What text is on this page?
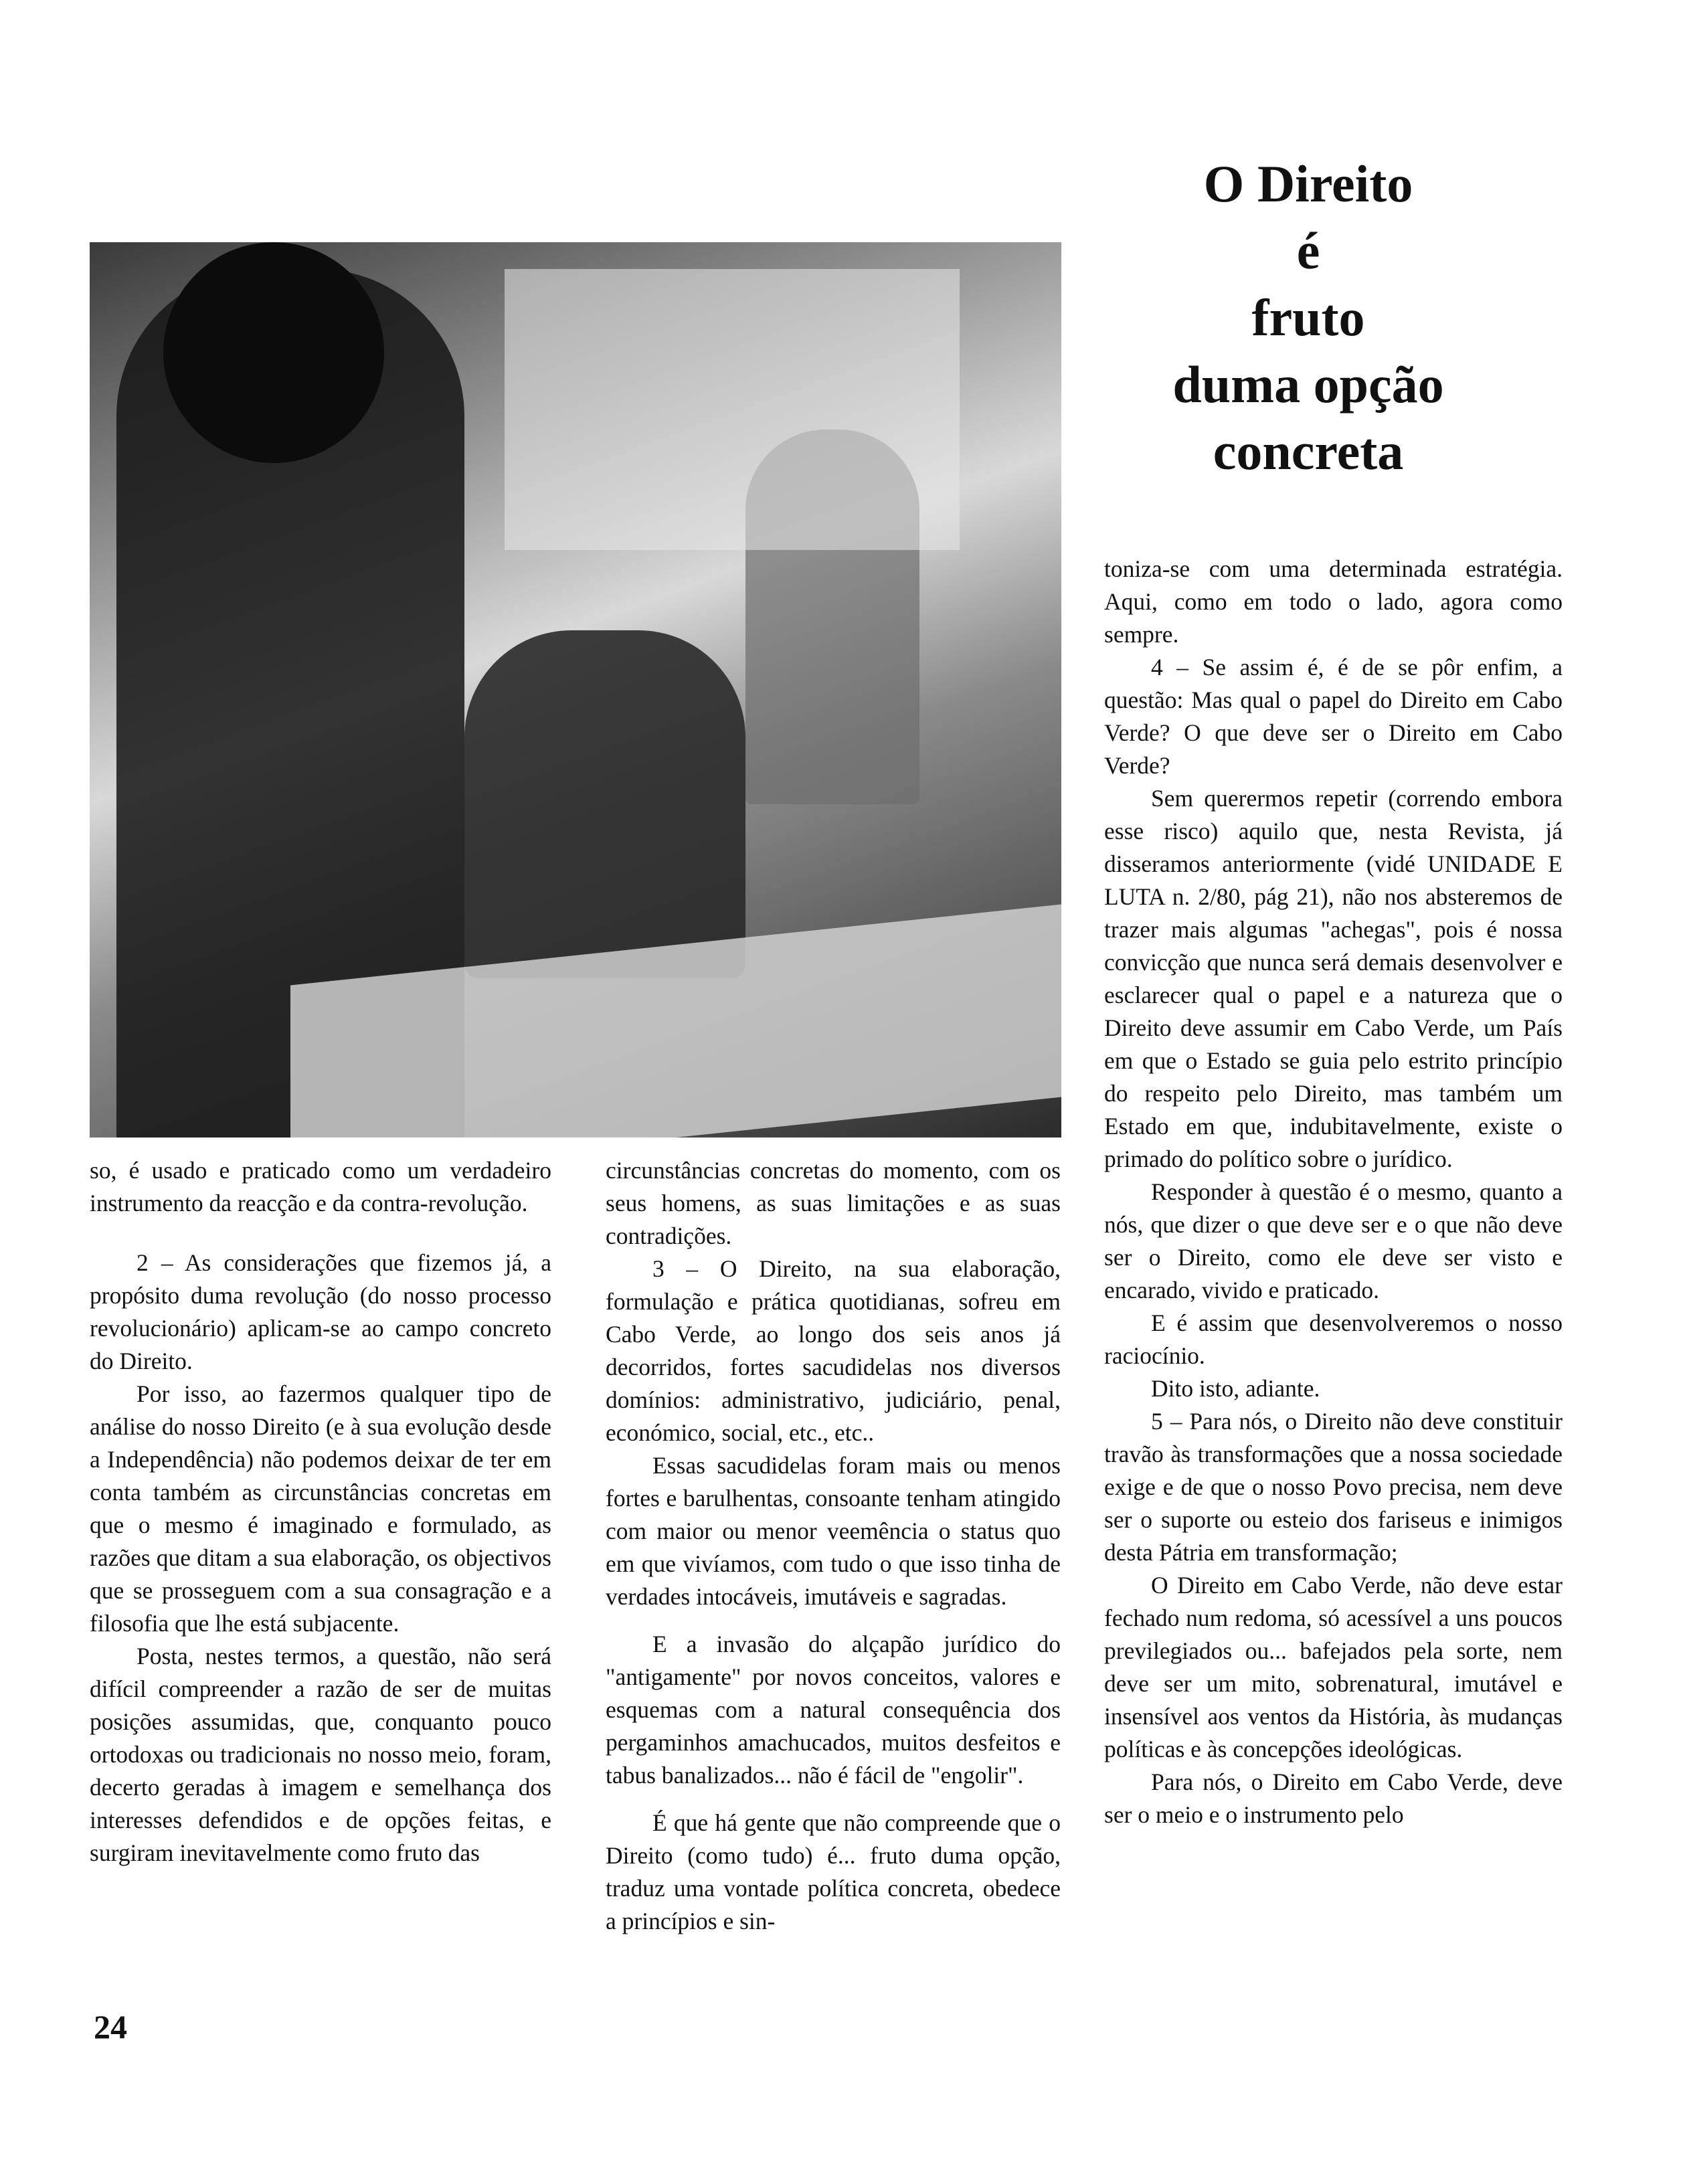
O Direito
é
fruto
duma opção
concreta

so, é usado e praticado como um verdadeiro instrumento da reacção e da contra-revolução.

2 – As considerações que fizemos já, a propósito duma revolução (do nosso processo revolucionário) aplicam-se ao campo concreto do Direito.

Por isso, ao fazermos qualquer tipo de análise do nosso Direito (e à sua evolução desde a Independência) não podemos deixar de ter em conta também as circunstâncias concretas em que o mesmo é imaginado e formulado, as razões que ditam a sua elaboração, os objectivos que se prosseguem com a sua consagração e a filosofia que lhe está subjacente.

Posta, nestes termos, a questão, não será difícil compreender a razão de ser de muitas posições assumidas, que, conquanto pouco ortodoxas ou tradicionais no nosso meio, foram, decerto geradas à imagem e semelhança dos interesses defendidos e de opções feitas, e surgiram inevitavelmente como fruto das

circunstâncias concretas do momento, com os seus homens, as suas limitações e as suas contradições.

3 – O Direito, na sua elaboração, formulação e prática quotidianas, sofreu em Cabo Verde, ao longo dos seis anos já decorridos, fortes sacudidelas nos diversos domínios: administrativo, judiciário, penal, económico, social, etc., etc..

Essas sacudidelas foram mais ou menos fortes e barulhentas, consoante tenham atingido com maior ou menor veemência o status quo em que vivíamos, com tudo o que isso tinha de verdades intocáveis, imutáveis e sagradas.

E a invasão do alçapão jurídico do "antigamente" por novos conceitos, valores e esquemas com a natural consequência dos pergaminhos amachucados, muitos desfeitos e tabus banalizados... não é fácil de "engolir".

É que há gente que não compreende que o Direito (como tudo) é... fruto duma opção, traduz uma vontade política concreta, obedece a princípios e sin-

toniza-se com uma determinada estratégia. Aqui, como em todo o lado, agora como sempre.

4 – Se assim é, é de se pôr enfim, a questão: Mas qual o papel do Direito em Cabo Verde? O que deve ser o Direito em Cabo Verde?

Sem querermos repetir (correndo embora esse risco) aquilo que, nesta Revista, já disseramos anteriormente (vidé UNIDADE E LUTA n. 2/80, pág 21), não nos absteremos de trazer mais algumas "achegas", pois é nossa convicção que nunca será demais desenvolver e esclarecer qual o papel e a natureza que o Direito deve assumir em Cabo Verde, um País em que o Estado se guia pelo estrito princípio do respeito pelo Direito, mas também um Estado em que, indubitavelmente, existe o primado do político sobre o jurídico.

Responder à questão é o mesmo, quanto a nós, que dizer o que deve ser e o que não deve ser o Direito, como ele deve ser visto e encarado, vivido e praticado.

E é assim que desenvolveremos o nosso raciocínio.

Dito isto, adiante.

5 – Para nós, o Direito não deve constituir travão às transformações que a nossa sociedade exige e de que o nosso Povo precisa, nem deve ser o suporte ou esteio dos fariseus e inimigos desta Pátria em transformação;

O Direito em Cabo Verde, não deve estar fechado num redoma, só acessível a uns poucos previlegiados ou... bafejados pela sorte, nem deve ser um mito, sobrenatural, imutável e insensível aos ventos da História, às mudanças políticas e às concepções ideológicas.

Para nós, o Direito em Cabo Verde, deve ser o meio e o instrumento pelo

24
